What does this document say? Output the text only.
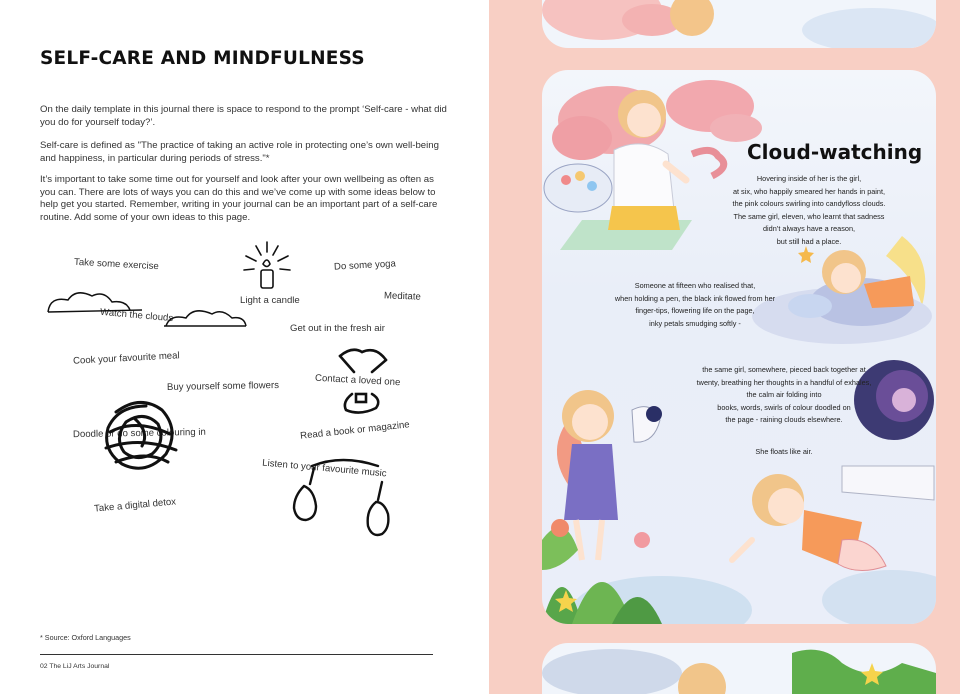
SELF-CARE AND MINDFULNESS

On the daily template in this journal there is space to respond to the prompt ‘Self-care - what did you do for yourself today?’.

Self-care is defined as "The practice of taking an active role in protecting one’s own well-being and happiness, in particular during periods of stress."*

It’s important to take some time out for yourself and look after your own wellbeing as often as you can. There are lots of ways you can do this and we’ve come up with some ideas below to help get you started. Remember, writing in your journal can be an important part of a self-care routine. Add some of your own ideas to this page.

Take some exercise
Light a candle
Do some yoga
Meditate
Watch the clouds
Get out in the fresh air
Cook your favourite meal
Buy yourself some flowers	Contact a loved one
Doodle or do some colouring in	Read a book or magazine
Listen to your favourite music
Take a digital detox
* Source: Oxford Languages
02 The LiJ Arts Journal
Cloud-watching
Hovering inside of her is the girl,
at six, who happily smeared her hands in paint,
the pink colours swirling into candyfloss clouds.
The same girl, eleven, who learnt that sadness
didn’t always have a reason,
but still had a place.
Someone at fifteen who realised that,
when holding a pen, the black ink flowed from her
finger-tips, flowering life on the page,
inky petals smudging softly -
the same girl, somewhere, pieced back together at
twenty, breathing her thoughts in a handful of exhales,
the calm air folding into
books, words, swirls of colour doodled on
the page - raining clouds elsewhere.
She floats like air.
